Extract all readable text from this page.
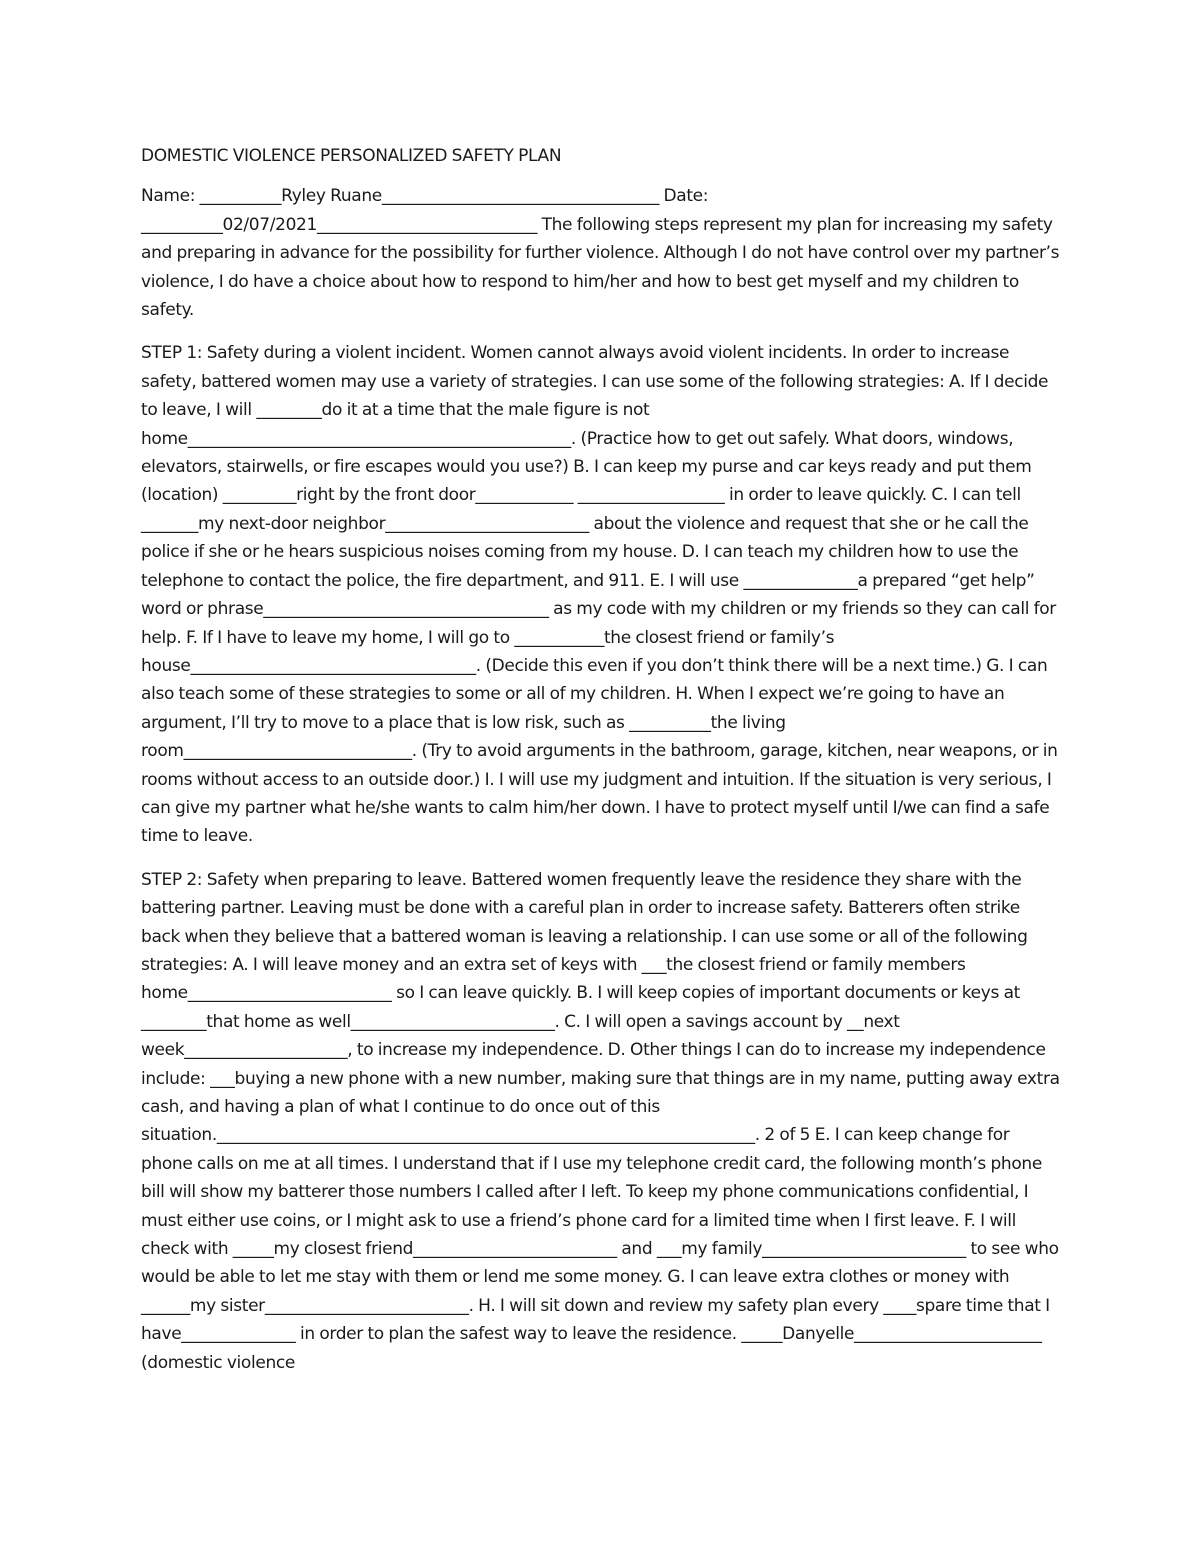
DOMESTIC VIOLENCE PERSONALIZED SAFETY PLAN

Name: __________Ryley Ruane__________________________________ Date: __________02/07/2021___________________________ The following steps represent my plan for increasing my safety and preparing in advance for the possibility for further violence. Although I do not have control over my partner’s violence, I do have a choice about how to respond to him/her and how to best get myself and my children to safety.

STEP 1: Safety during a violent incident. Women cannot always avoid violent incidents. In order to increase safety, battered women may use a variety of strategies. I can use some of the following strategies: A. If I decide to leave, I will ________do it at a time that the male figure is not home_______________________________________________. (Practice how to get out safely. What doors, windows, elevators, stairwells, or fire escapes would you use?) B. I can keep my purse and car keys ready and put them (location) _________right by the front door____________ __________________ in order to leave quickly. C. I can tell _______my next-door neighbor_________________________ about the violence and request that she or he call the police if she or he hears suspicious noises coming from my house. D. I can teach my children how to use the telephone to contact the police, the fire department, and 911. E. I will use ______________a prepared “get help” word or phrase___________________________________ as my code with my children or my friends so they can call for help. F. If I have to leave my home, I will go to ___________the closest friend or family’s house___________________________________. (Decide this even if you don’t think there will be a next time.) G. I can also teach some of these strategies to some or all of my children. H. When I expect we’re going to have an argument, I’ll try to move to a place that is low risk, such as __________the living room____________________________. (Try to avoid arguments in the bathroom, garage, kitchen, near weapons, or in rooms without access to an outside door.) I. I will use my judgment and intuition. If the situation is very serious, I can give my partner what he/she wants to calm him/her down. I have to protect myself until I/we can find a safe time to leave.

STEP 2: Safety when preparing to leave. Battered women frequently leave the residence they share with the battering partner. Leaving must be done with a careful plan in order to increase safety. Batterers often strike back when they believe that a battered woman is leaving a relationship. I can use some or all of the following strategies: A. I will leave money and an extra set of keys with ___the closest friend or family members home_________________________ so I can leave quickly. B. I will keep copies of important documents or keys at ________that home as well_________________________. C. I will open a savings account by __next week____________________, to increase my independence. D. Other things I can do to increase my independence include: ___buying a new phone with a new number, making sure that things are in my name, putting away extra cash, and having a plan of what I continue to do once out of this situation.__________________________________________________________________. 2 of 5 E. I can keep change for phone calls on me at all times. I understand that if I use my telephone credit card, the following month’s phone bill will show my batterer those numbers I called after I left. To keep my phone communications confidential, I must either use coins, or I might ask to use a friend’s phone card for a limited time when I first leave. F. I will check with _____my closest friend_________________________ and ___my family_________________________ to see who would be able to let me stay with them or lend me some money. G. I can leave extra clothes or money with ______my sister_________________________. H. I will sit down and review my safety plan every ____spare time that I have______________ in order to plan the safest way to leave the residence. _____Danyelle_______________________ (domestic violence
